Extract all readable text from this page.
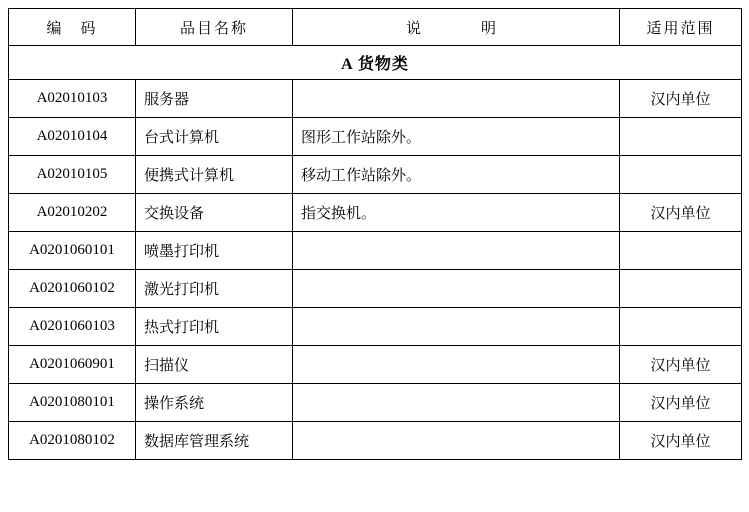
编　码	品目名称	说　　明	适用范围
A 货物类			
A02010103	服务器		汉内单位
A02010104	台式计算机	图形工作站除外。	
A02010105	便携式计算机	移动工作站除外。	
A02010202	交换设备	指交换机。	汉内单位
A0201060101	喷墨打印机		
A0201060102	激光打印机		
A0201060103	热式打印机		
A0201060901	扫描仪		汉内单位
A0201080101	操作系统		汉内单位
A0201080102	数据库管理系统		汉内单位
